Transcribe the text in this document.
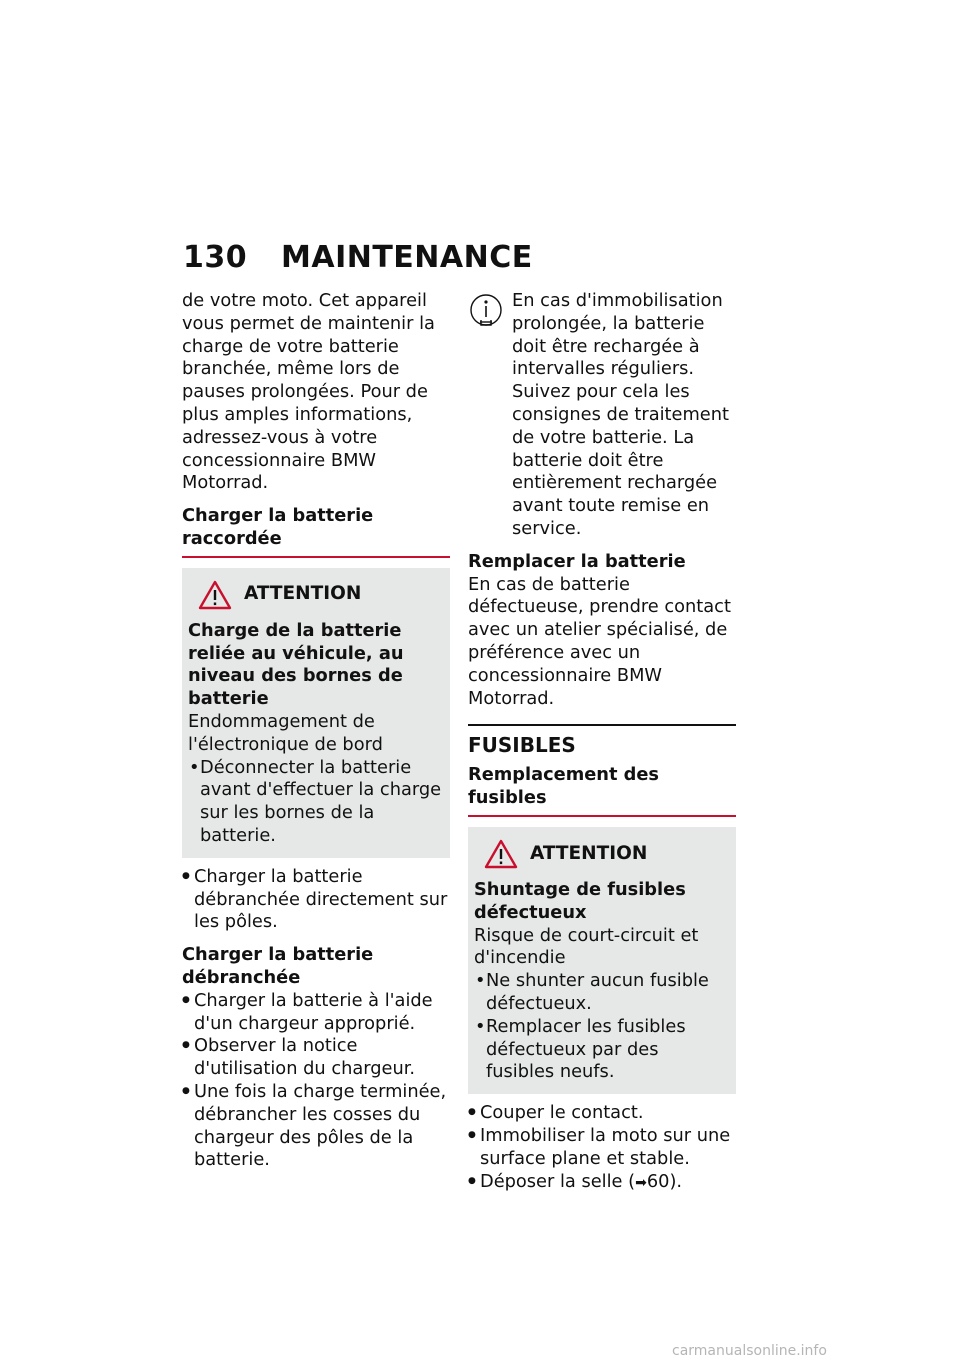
130 MAINTENANCE

de votre moto. Cet appareil vous permet de maintenir la charge de votre batterie branchée, même lors de pauses prolongées. Pour de plus amples informations, adressez-vous à votre concessionnaire BMW Motorrad.

Charger la batterie raccordée

ATTENTION

Charge de la batterie reliée au véhicule, au niveau des bornes de batterie

Endommagement de l'électronique de bord

• Déconnecter la batterie avant d'effectuer la charge sur les bornes de la batterie.
● Charger la batterie débranchée directement sur les pôles.

Charger la batterie débranchée

● Charger la batterie à l'aide d'un chargeur approprié.
● Observer la notice d'utilisation du chargeur.
● Une fois la charge terminée, débrancher les cosses du chargeur des pôles de la batterie.

En cas d'immobilisation prolongée, la batterie doit être rechargée à intervalles réguliers. Suivez pour cela les consignes de traitement de votre batterie. La batterie doit être entièrement rechargée avant toute remise en service.

Remplacer la batterie

En cas de batterie défectueuse, prendre contact avec un atelier spécialisé, de préférence avec un concessionnaire BMW Motorrad.

FUSIBLES

Remplacement des fusibles

ATTENTION

Shuntage de fusibles défectueux

Risque de court-circuit et d'incendie

• Ne shunter aucun fusible défectueux.
• Remplacer les fusibles défectueux par des fusibles neufs.
● Couper le contact.
● Immobiliser la moto sur une surface plane et stable.
● Déposer la selle (➡60).
carmanualsonline.info
